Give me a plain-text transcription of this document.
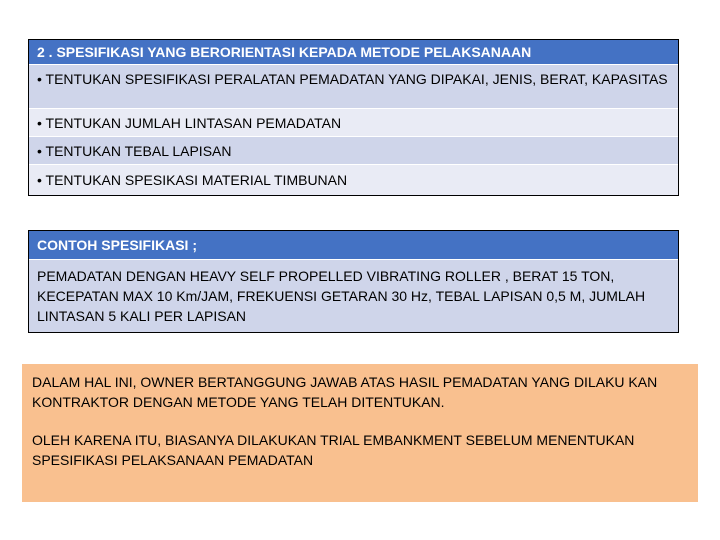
2 . SPESIFIKASI YANG BERORIENTASI KEPADA METODE PELAKSANAAN
• TENTUKAN SPESIFIKASI PERALATAN PEMADATAN YANG DIPAKAI, JENIS, BERAT, KAPASITAS
• TENTUKAN JUMLAH LINTASAN PEMADATAN
• TENTUKAN TEBAL LAPISAN
• TENTUKAN SPESIKASI MATERIAL TIMBUNAN
CONTOH SPESIFIKASI ;
PEMADATAN DENGAN HEAVY SELF PROPELLED VIBRATING ROLLER , BERAT 15 TON, KECEPATAN MAX 10 Km/JAM, FREKUENSI GETARAN 30 Hz, TEBAL LAPISAN 0,5 M, JUMLAH LINTASAN 5 KALI PER LAPISAN

DALAM HAL INI, OWNER BERTANGGUNG JAWAB ATAS HASIL PEMADATAN YANG DILAKU KAN KONTRAKTOR DENGAN METODE YANG TELAH DITENTUKAN.

OLEH KARENA ITU, BIASANYA DILAKUKAN TRIAL EMBANKMENT SEBELUM MENENTUKAN SPESIFIKASI PELAKSANAAN PEMADATAN
